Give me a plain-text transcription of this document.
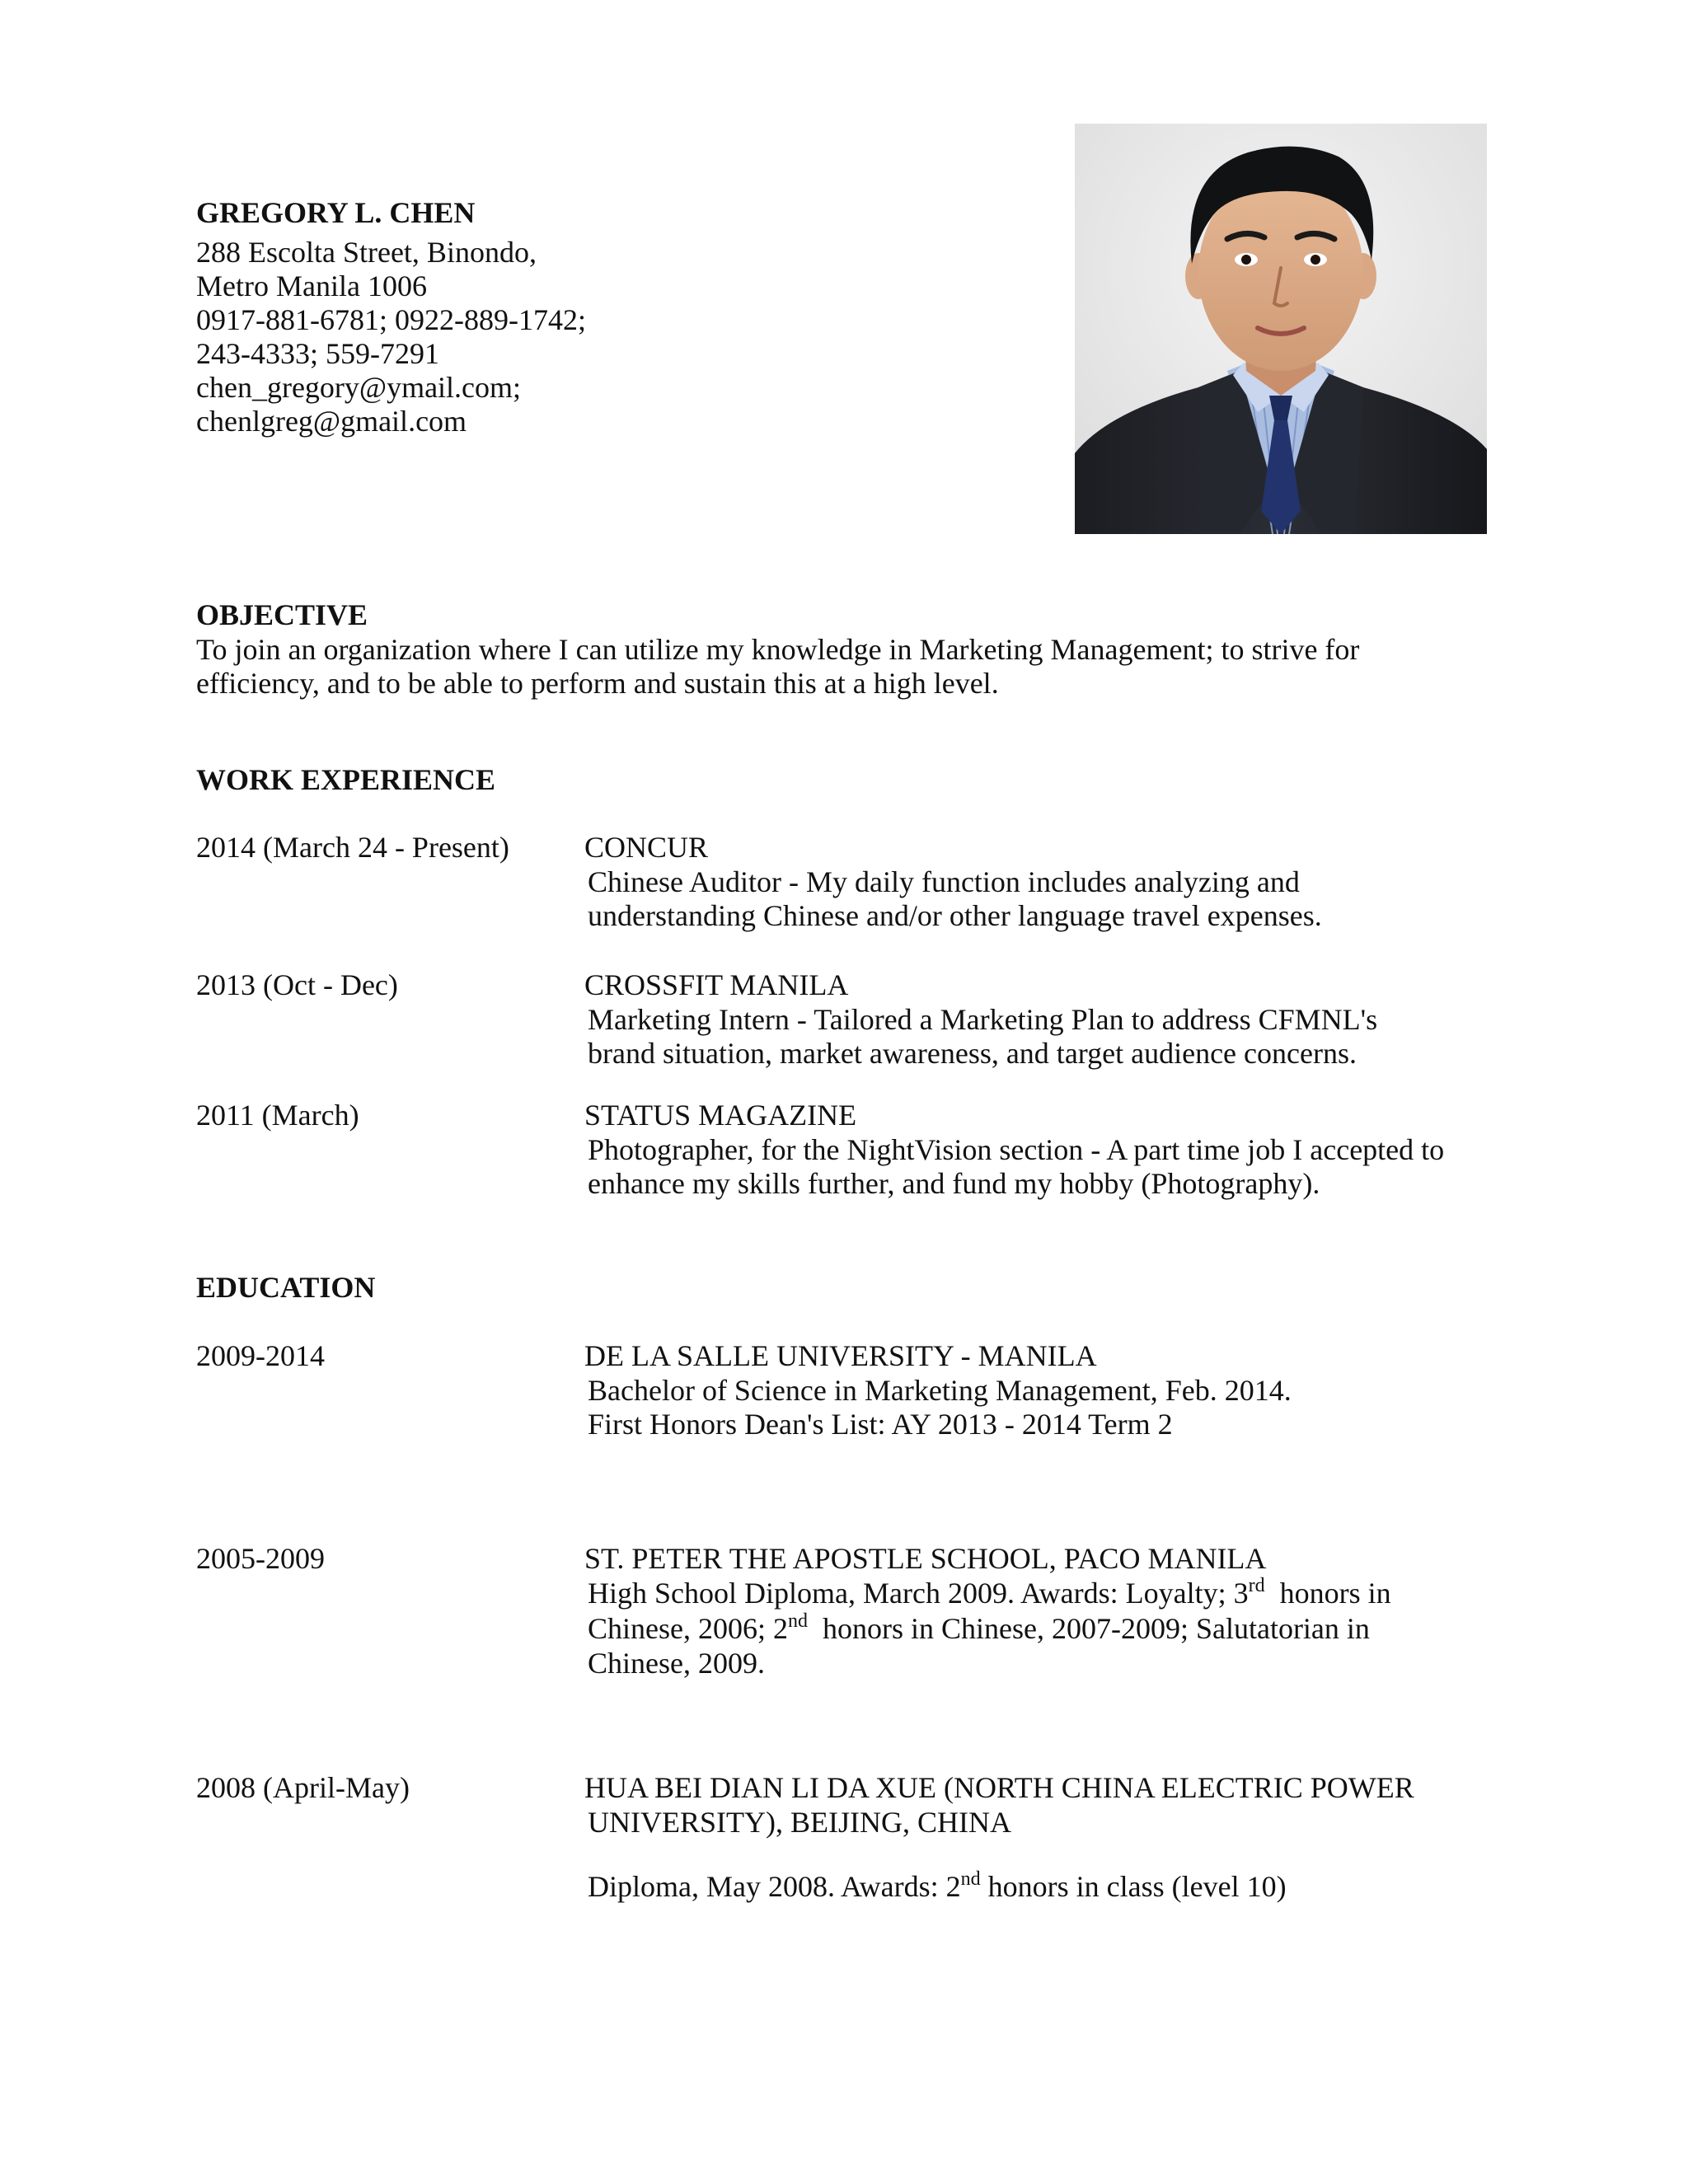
GREGORY L. CHEN
288 Escolta Street, Binondo,
Metro Manila 1006
0917-881-6781; 0922-889-1742;
243-4333; 559-7291
chen_gregory@ymail.com;
chenlgreg@gmail.com
OBJECTIVE
To join an organization where I can utilize my knowledge in Marketing Management; to strive for
efficiency, and to be able to perform and sustain this at a high level.
WORK EXPERIENCE
2014 (March 24 - Present)	CONCUR
Chinese Auditor - My daily function includes analyzing and
understanding Chinese and/or other language travel expenses.
2013 (Oct - Dec)	CROSSFIT MANILA
Marketing Intern - Tailored a Marketing Plan to address CFMNL's
brand situation, market awareness, and target audience concerns.
2011 (March)	STATUS MAGAZINE
Photographer, for the NightVision section - A part time job I accepted to
enhance my skills further, and fund my hobby (Photography).
EDUCATION
2009-2014	DE LA SALLE UNIVERSITY - MANILA
Bachelor of Science in Marketing Management, Feb. 2014.
First Honors Dean's List: AY 2013 - 2014 Term 2
2005-2009	ST. PETER THE APOSTLE SCHOOL, PACO MANILA
High School Diploma, March 2009. Awards: Loyalty; 3rd honors in
Chinese, 2006; 2nd honors in Chinese, 2007-2009; Salutatorian in
Chinese, 2009.
2008 (April-May)	HUA BEI DIAN LI DA XUE (NORTH CHINA ELECTRIC POWER
UNIVERSITY), BEIJING, CHINA
Diploma, May 2008. Awards: 2nd honors in class (level 10)
